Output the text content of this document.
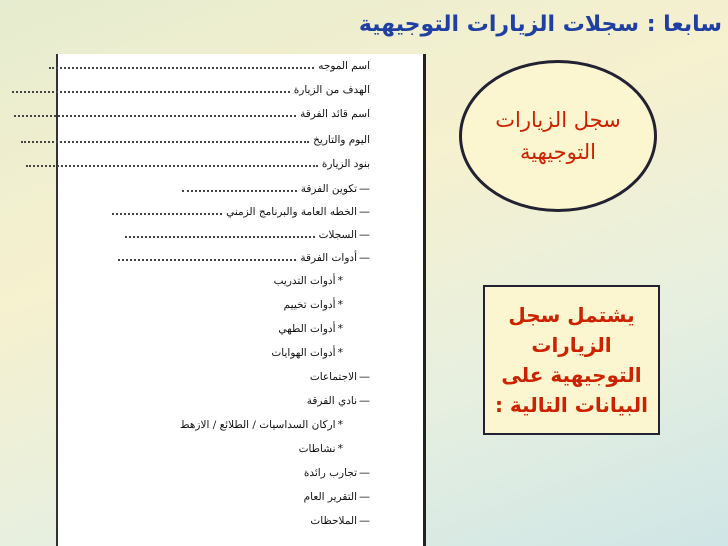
سابعا : سجلات الزيارات التوجيهية
اسم الموجه
الهدف من الزيارة
اسم قائد الفرقة
اليوم والتاريخ
بنود الزيارة
—
تكوين الفرقة
—
الخطه العامة والبرنامج الزمني
—
السجلات
—
أدوات الفرقة
*
أدوات التدريب
*
أدوات تخييم
*
أدوات الطهي
*
أدوات الهوايات
—
الاجتماعات
—
نادي الفرقة
*
اركان السداسيات / الطلائع / الازهط
*
نشاطات
—
تجارب رائدة
—
التقرير العام
—
الملاحظات
سجل الزيارات التوجيهية
يشتمل سجل الزيارات التوجيهية على البيانات التالية :
